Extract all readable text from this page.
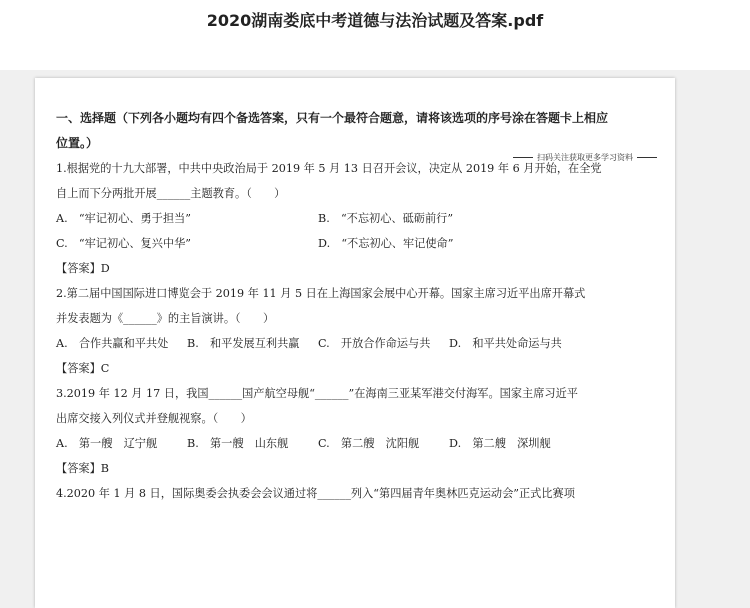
2020湖南娄底中考道德与法治试题及答案.pdf
扫码关注获取更多学习资料
一、选择题（下列各小题均有四个备选答案，只有一个最符合题意，请将该选项的序号涂在答题卡上相应
位置。）
1.根据党的十九大部署，中共中央政治局于 2019 年 5 月 13 日召开会议，决定从 2019 年 6 月开始，在全党
自上而下分两批开展______主题教育。（　　）
A.　“牢记初心、勇于担当”	B.　“不忘初心、砥砺前行”
C.　“牢记初心、复兴中华”	D.　“不忘初心、牢记使命”
【答案】D
2.第二届中国国际进口博览会于 2019 年 11 月 5 日在上海国家会展中心开幕。国家主席习近平出席开幕式
并发表题为《______》的主旨演讲。（　　）
A.　合作共赢和平共处	B.　和平发展互利共赢	C.　开放合作命运与共	D.　和平共处命运与共
【答案】C
3.2019 年 12 月 17 日，我国______国产航空母舰“______”在海南三亚某军港交付海军。国家主席习近平
出席交接入列仪式并登舰视察。（　　）
A.　第一艘　辽宁舰	B.　第一艘　山东舰	C.　第二艘　沈阳舰	D.　第二艘　深圳舰
【答案】B
4.2020 年 1 月 8 日，国际奥委会执委会会议通过将______列入“第四届青年奥林匹克运动会”正式比赛项
